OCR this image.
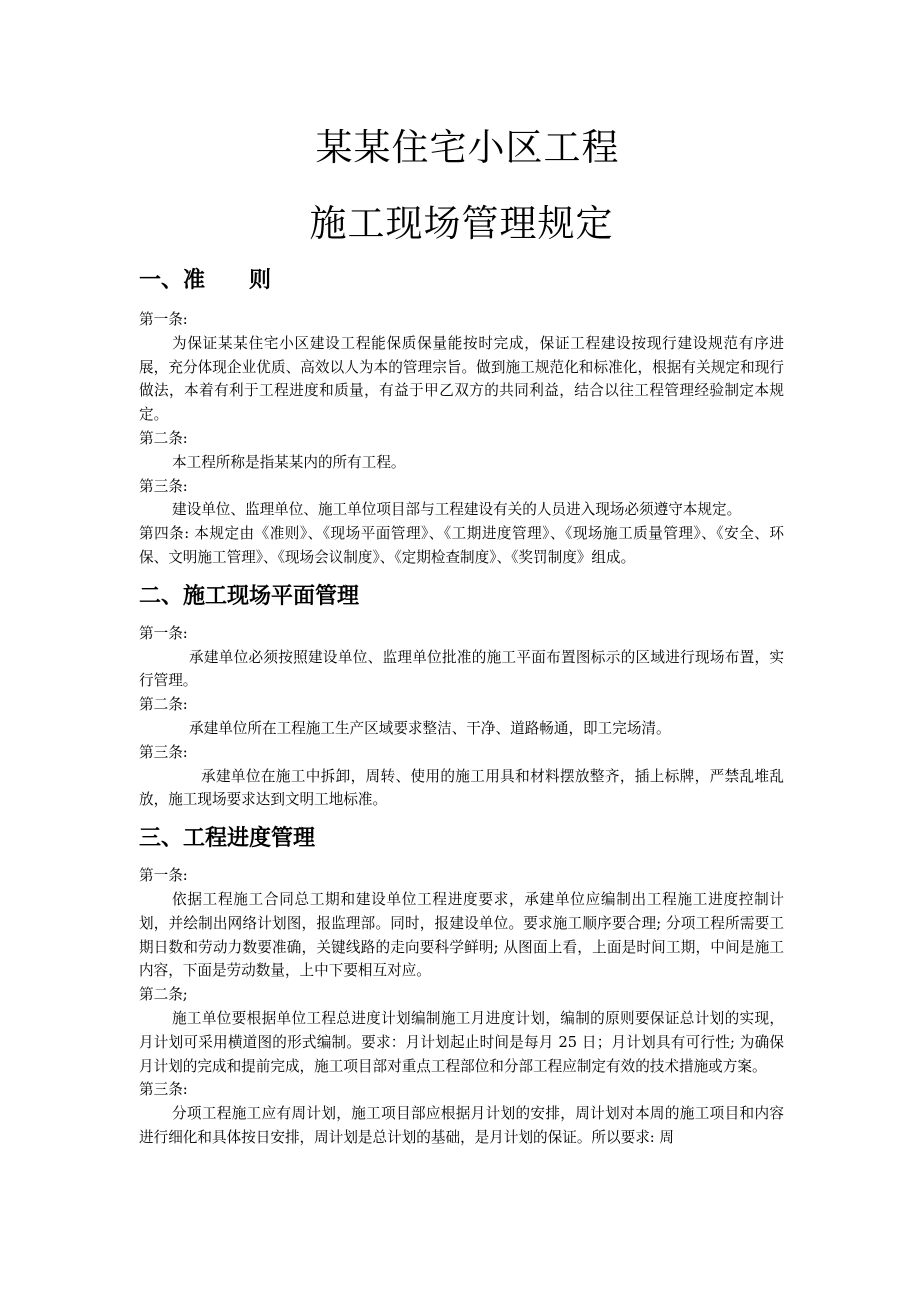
某某住宅小区工程
施工现场管理规定
一、准　　则

第一条:

为保证某某住宅小区建设工程能保质保量能按时完成，保证工程建设按现行建设规范有序进展，充分体现企业优质、高效以人为本的管理宗旨。做到施工规范化和标准化，根据有关规定和现行做法，本着有利于工程进度和质量，有益于甲乙双方的共同利益，结合以往工程管理经验制定本规定。

第二条:

本工程所称是指某某内的所有工程。

第三条:

建设单位、监理单位、施工单位项目部与工程建设有关的人员进入现场必须遵守本规定。

第四条: 本规定由《准则》、《现场平面管理》、《工期进度管理》、《现场施工质量管理》、《安全、环保、文明施工管理》、《现场会议制度》、《定期检查制度》、《奖罚制度》组成。

二、施工现场平面管理

第一条:

承建单位必须按照建设单位、监理单位批准的施工平面布置图标示的区域进行现场布置，实行管理。

第二条:

承建单位所在工程施工生产区域要求整洁、干净、道路畅通，即工完场清。

第三条:

承建单位在施工中拆卸，周转、使用的施工用具和材料摆放整齐，插上标牌，严禁乱堆乱放，施工现场要求达到文明工地标准。

三、工程进度管理

第一条:

依据工程施工合同总工期和建设单位工程进度要求，承建单位应编制出工程施工进度控制计划，并绘制出网络计划图，报监理部。同时，报建设单位。要求施工顺序要合理; 分项工程所需要工期日数和劳动力数要准确，关键线路的走向要科学鲜明; 从图面上看，上面是时间工期，中间是施工内容，下面是劳动数量，上中下要相互对应。

第二条;

施工单位要根据单位工程总进度计划编制施工月进度计划，编制的原则要保证总计划的实现，月计划可采用横道图的形式编制。要求：月计划起止时间是每月 25 日；月计划具有可行性; 为确保月计划的完成和提前完成，施工项目部对重点工程部位和分部工程应制定有效的技术措施或方案。

第三条:

分项工程施工应有周计划，施工项目部应根据月计划的安排，周计划对本周的施工项目和内容进行细化和具体按日安排，周计划是总计划的基础，是月计划的保证。所以要求: 周
